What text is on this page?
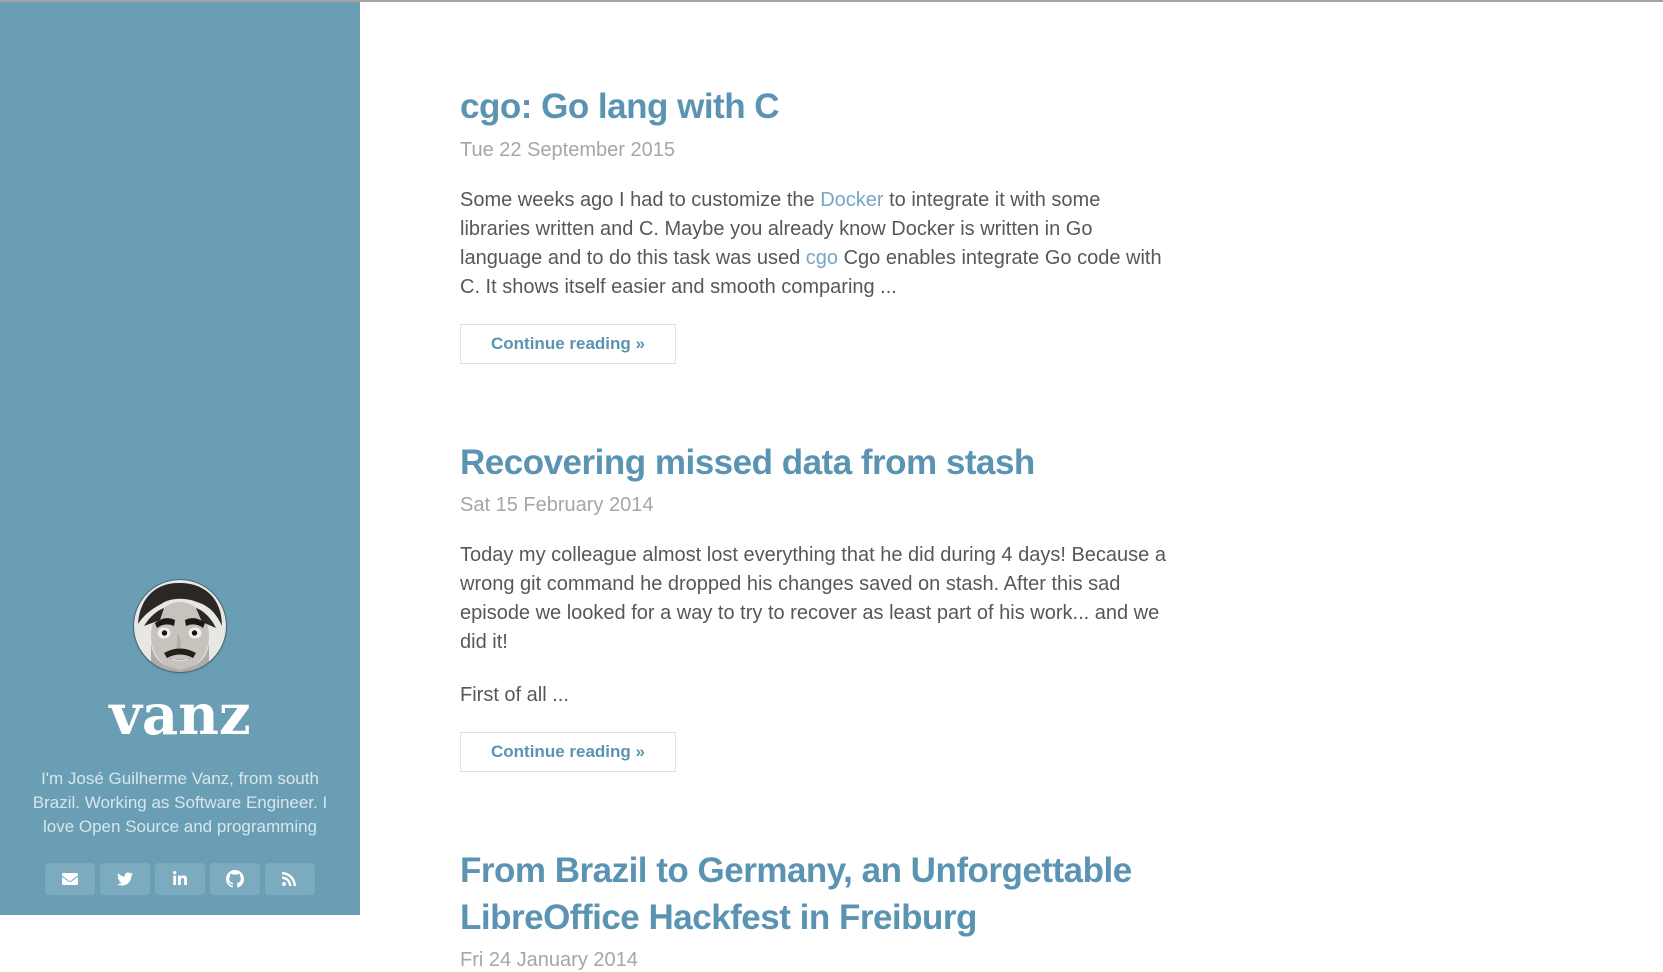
vanz
I'm José Guilherme Vanz, from south
Brazil. Working as Software Engineer. I
love Open Source and programming
cgo: Go lang with C
Tue 22 September 2015

Some weeks ago I had to customize the Docker to integrate it with some libraries written and C. Maybe you already know Docker is written in Go language and to do this task was used cgo Cgo enables integrate Go code with C. It shows itself easier and smooth comparing ...

Continue reading »
Recovering missed data from stash
Sat 15 February 2014

Today my colleague almost lost everything that he did during 4 days! Because a wrong git command he dropped his changes saved on stash. After this sad episode we looked for a way to try to recover as least part of his work... and we did it!

First of all ...

Continue reading »
From Brazil to Germany, an Unforgettable LibreOffice Hackfest in Freiburg
Fri 24 January 2014
